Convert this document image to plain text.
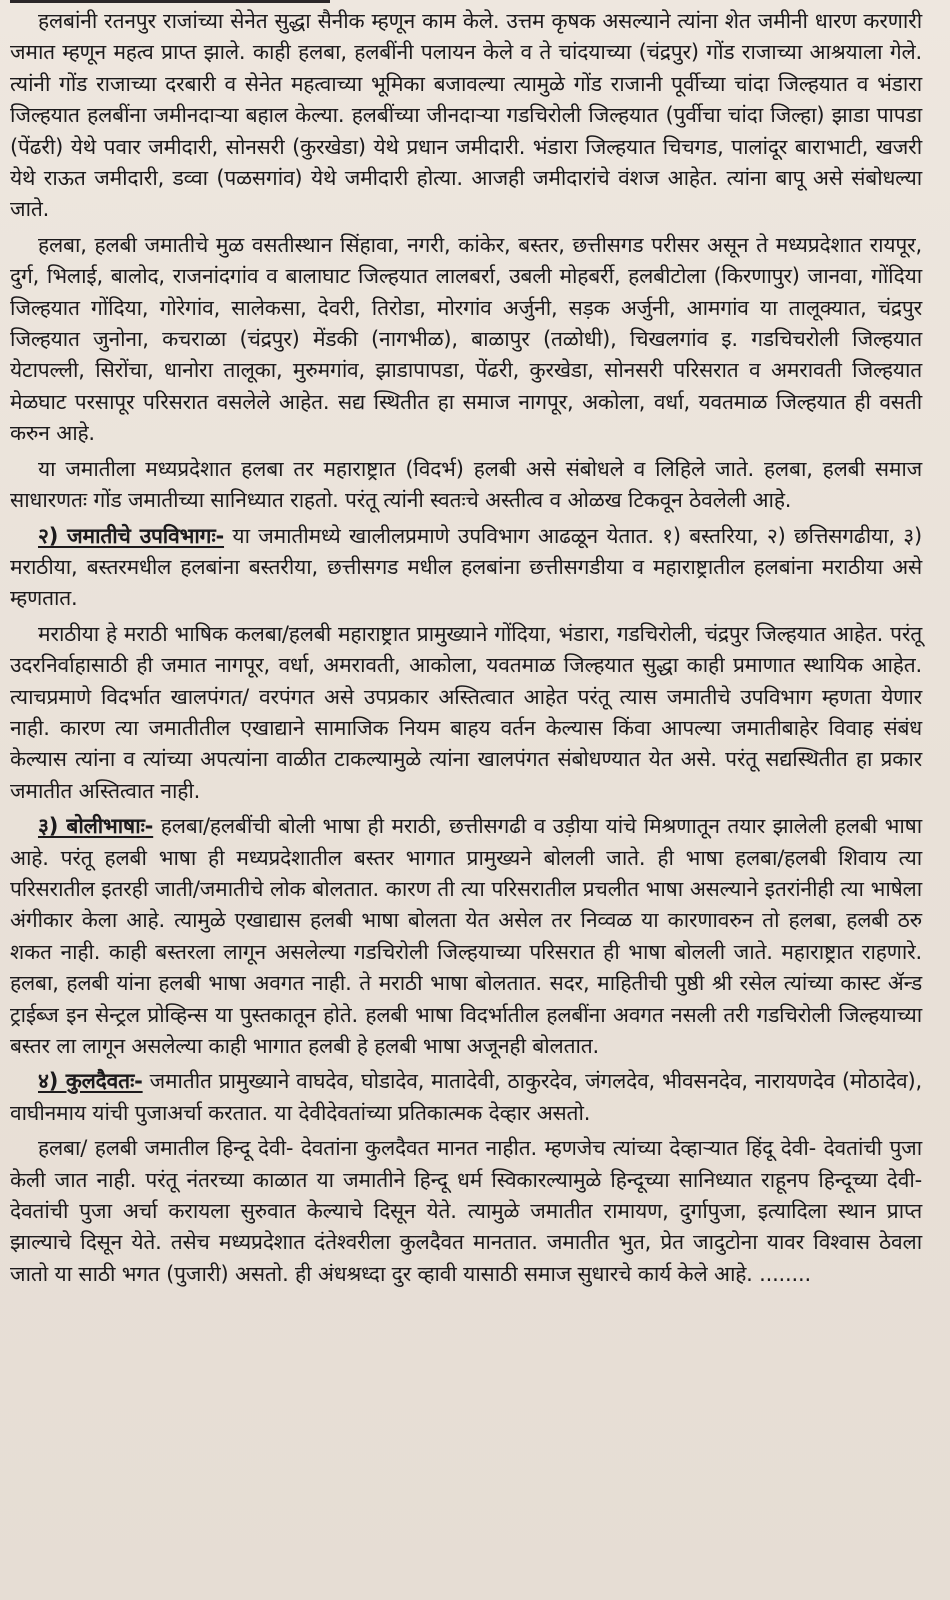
हलबांनी रतनपुर राजांच्या सेनेत सुद्धा सैनीक म्हणून काम केले. उत्तम कृषक असल्याने त्यांना शेत जमीनी धारण करणारी जमात म्हणून महत्व प्राप्त झाले. काही हलबा, हलबींनी पलायन केले व ते चांदयाच्या (चंद्रपुर) गोंड राजाच्या आश्रयाला गेले. त्यांनी गोंड राजाच्या दरबारी व सेनेत महत्वाच्या भूमिका बजावल्या त्यामुळे गोंड राजानी पूर्वीच्या चांदा जिल्हयात व भंडारा जिल्हयात हलबींना जमीनदाऱ्या बहाल केल्या. हलबींच्या जीनदाऱ्या गडचिरोली जिल्हयात (पुर्वीचा चांदा जिल्हा) झाडा पापडा (पेंढरी) येथे पवार जमीदारी, सोनसरी (कुरखेडा) येथे प्रधान जमीदारी. भंडारा जिल्हयात चिचगड, पालांदूर बाराभाटी, खजरी येथे राऊत जमीदारी, डव्वा (पळसगांव) येथे जमीदारी होत्या. आजही जमीदारांचे वंशज आहेत. त्यांना बापू असे संबोधल्या जाते.

हलबा, हलबी जमातीचे मुळ वसतीस्थान सिंहावा, नगरी, कांकेर, बस्तर, छत्तीसगड परीसर असून ते मध्यप्रदेशात रायपूर, दुर्ग, भिलाई, बालोद, राजनांदगांव व बालाघाट जिल्हयात लालबर्रा, उबली मोहबर्री, हलबीटोला (किरणापुर) जानवा, गोंदिया जिल्हयात गोंदिया, गोरेगांव, सालेकसा, देवरी, तिरोडा, मोरगांव अर्जुनी, सड़क अर्जुनी, आमगांव या तालूक्यात, चंद्रपुर जिल्हयात जुनोना, कचराळा (चंद्रपुर) मेंडकी (नागभीळ), बाळापुर (तळोधी), चिखलगांव इ. गडचिचरोली जिल्हयात येटापल्ली, सिरोंचा, धानोरा तालूका, मुरुमगांव, झाडापापडा, पेंढरी, कुरखेडा, सोनसरी परिसरात व अमरावती जिल्हयात मेळघाट परसापूर परिसरात वसलेले आहेत. सद्य स्थितीत हा समाज नागपूर, अकोला, वर्धा, यवतमाळ जिल्हयात ही वसती करुन आहे.

या जमातीला मध्यप्रदेशात हलबा तर महाराष्ट्रात (विदर्भ) हलबी असे संबोधले व लिहिले जाते. हलबा, हलबी समाज साधारणतः गोंड जमातीच्या सानिध्यात राहतो. परंतू त्यांनी स्वतःचे अस्तीत्व व ओळख टिकवून ठेवलेली आहे.

२) जमातीचे उपविभागः- या जमातीमध्ये खालीलप्रमाणे उपविभाग आढळून येतात. १) बस्तरिया, २) छत्तिसगढीया, ३) मराठीया, बस्तरमधील हलबांना बस्तरीया, छत्तीसगड मधील हलबांना छत्तीसगडीया व महाराष्ट्रातील हलबांना मराठीया असे म्हणतात.

मराठीया हे मराठी भाषिक कलबा/हलबी महाराष्ट्रात प्रामुख्याने गोंदिया, भंडारा, गडचिरोली, चंद्रपुर जिल्हयात आहेत. परंतू उदरनिर्वाहासाठी ही जमात नागपूर, वर्धा, अमरावती, आकोला, यवतमाळ जिल्हयात सुद्धा काही प्रमाणात स्थायिक आहेत. त्याचप्रमाणे विदर्भात खालपंगत/ वरपंगत असे उपप्रकार अस्तित्वात आहेत परंतू त्यास जमातीचे उपविभाग म्हणता येणार नाही. कारण त्या जमातीतील एखाद्याने सामाजिक नियम बाहय वर्तन केल्यास किंवा आपल्या जमातीबाहेर विवाह संबंध केल्यास त्यांना व त्यांच्या अपत्यांना वाळीत टाकल्यामुळे त्यांना खालपंगत संबोधण्यात येत असे. परंतू सद्यस्थितीत हा प्रकार जमातीत अस्तित्वात नाही.

३) बोलीभाषाः- हलबा/हलबींची बोली भाषा ही मराठी, छत्तीसगढी व उड़ीया यांचे मिश्रणातून तयार झालेली हलबी भाषा आहे. परंतू हलबी भाषा ही मध्यप्रदेशातील बस्तर भागात प्रामुख्यने बोलली जाते. ही भाषा हलबा/हलबी शिवाय त्या परिसरातील इतरही जाती/जमातीचे लोक बोलतात. कारण ती त्या परिसरातील प्रचलीत भाषा असल्याने इतरांनीही त्या भाषेला अंगीकार केला आहे. त्यामुळे एखाद्यास हलबी भाषा बोलता येत असेल तर निव्वळ या कारणावरुन तो हलबा, हलबी ठरु शकत नाही. काही बस्तरला लागून असलेल्या गडचिरोली जिल्हयाच्या परिसरात ही भाषा बोलली जाते. महाराष्ट्रात राहणारे. हलबा, हलबी यांना हलबी भाषा अवगत नाही. ते मराठी भाषा बोलतात. सदर, माहितीची पुष्ठी श्री रसेल त्यांच्या कास्ट ॲन्ड ट्राईब्ज इन सेन्ट्रल प्रोव्हिन्स या पुस्तकातून होते. हलबी भाषा विदर्भातील हलबींना अवगत नसली तरी गडचिरोली जिल्हयाच्या बस्तर ला लागून असलेल्या काही भागात हलबी हे हलबी भाषा अजूनही बोलतात.

४) कुलदैवतः- जमातीत प्रामुख्याने वाघदेव, घोडादेव, मातादेवी, ठाकुरदेव, जंगलदेव, भीवसनदेव, नारायणदेव (मोठादेव), वाघीनमाय यांची पुजाअर्चा करतात. या देवीदेवतांच्या प्रतिकात्मक देव्हार असतो.

हलबा/ हलबी जमातील हिन्दू देवी- देवतांना कुलदैवत मानत नाहीत. म्हणजेच त्यांच्या देव्हाऱ्यात हिंदू देवी- देवतांची पुजा केली जात नाही. परंतू नंतरच्या काळात या जमातीने हिन्दू धर्म स्विकारल्यामुळे हिन्दूच्या सानिध्यात राहूनप हिन्दूच्या देवी-देवतांची पुजा अर्चा करायला सुरुवात केल्याचे दिसून येते. त्यामुळे जमातीत रामायण, दुर्गापुजा, इत्यादिला स्थान प्राप्त झाल्याचे दिसून येते. तसेच मध्यप्रदेशात दंतेश्वरीला कुलदैवत मानतात. जमातीत भुत, प्रेत जादुटोना यावर विश्वास ठेवला जातो या साठी भगत (पुजारी) असतो. ही अंधश्रध्दा दुर व्हावी यासाठी समाज सुधारचे कार्य केले आहे. ........
